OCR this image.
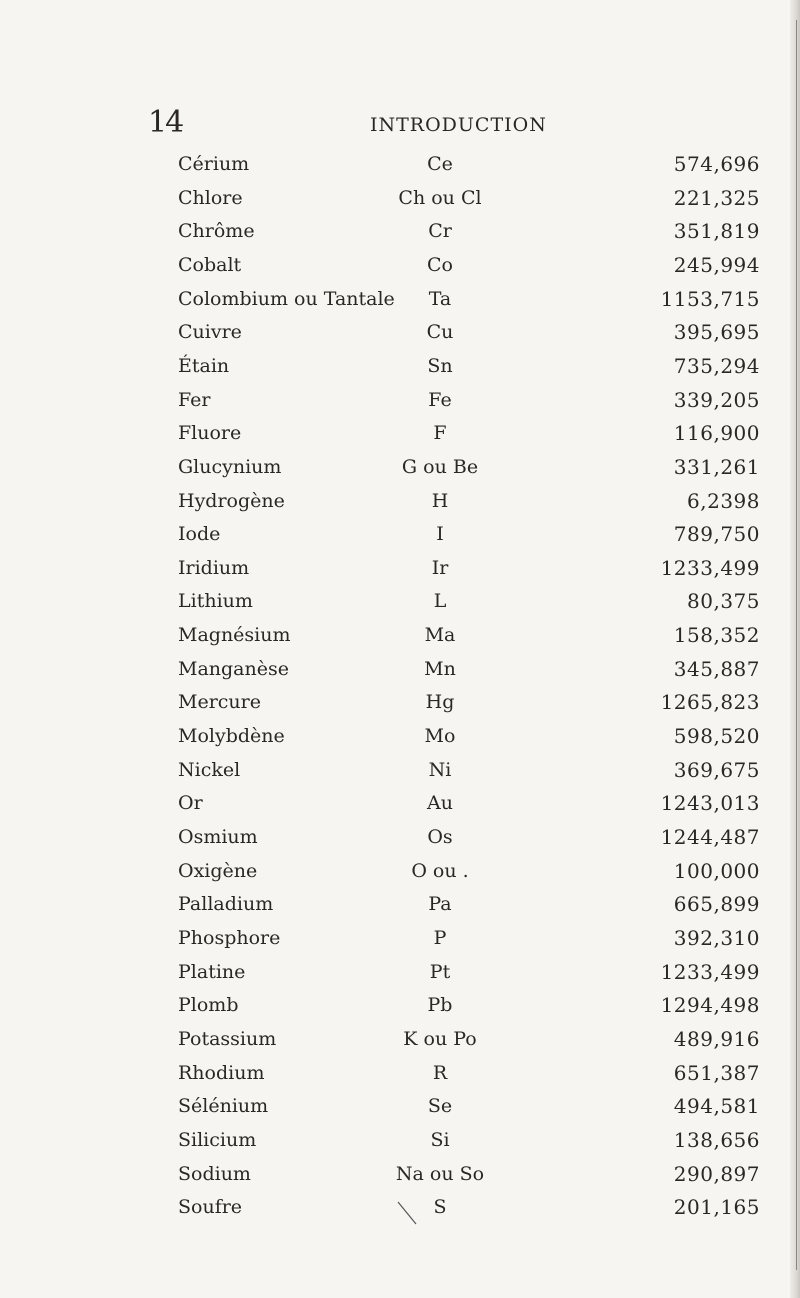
14	INTRODUCTION
Cérium	Ce	574,696
Chlore	Ch ou Cl	221,325
Chrôme	Cr	351,819
Cobalt	Co	245,994
Colombium ou Tantale	Ta	1153,715
Cuivre	Cu	395,695
Étain	Sn	735,294
Fer	Fe	339,205
Fluore	F	116,900
Glucynium	G ou Be	331,261
Hydrogène	H	6,2398
Iode	I	789,750
Iridium	Ir	1233,499
Lithium	L	80,375
Magnésium	Ma	158,352
Manganèse	Mn	345,887
Mercure	Hg	1265,823
Molybdène	Mo	598,520
Nickel	Ni	369,675
Or	Au	1243,013
Osmium	Os	1244,487
Oxigène	O ou .	100,000
Palladium	Pa	665,899
Phosphore	P	392,310
Platine	Pt	1233,499
Plomb	Pb	1294,498
Potassium	K ou Po	489,916
Rhodium	R	651,387
Sélénium	Se	494,581
Silicium	Si	138,656
Sodium	Na ou So	290,897
Soufre	S	201,165
